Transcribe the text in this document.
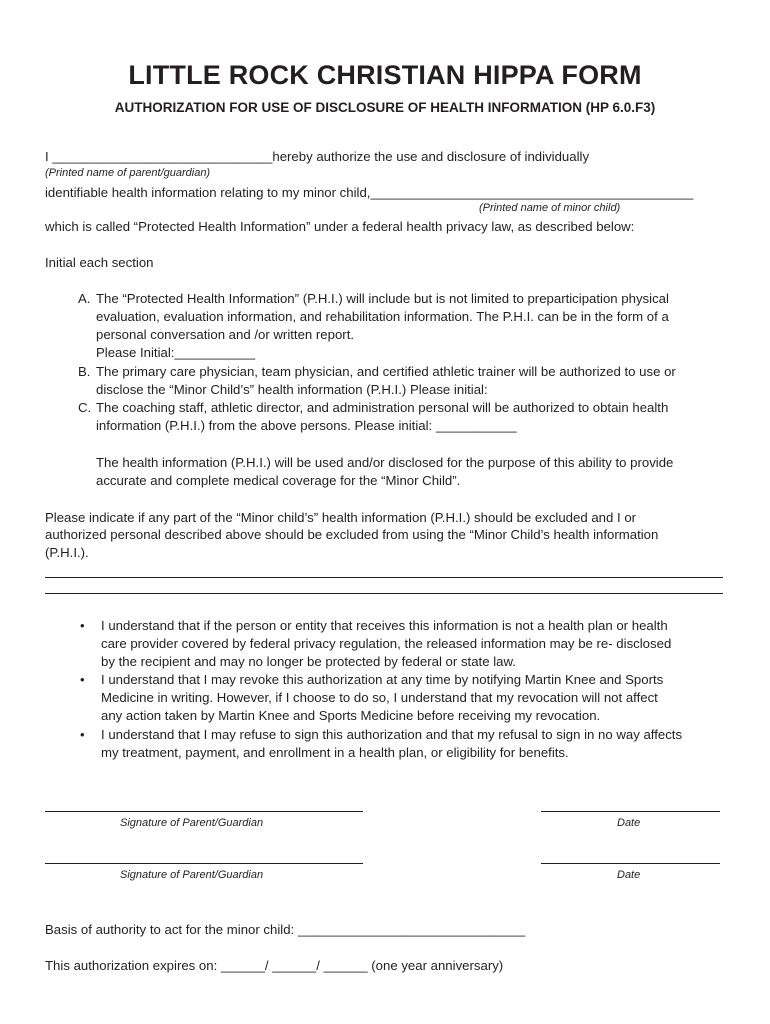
LITTLE ROCK CHRISTIAN HIPPA FORM
AUTHORIZATION FOR USE OF DISCLOSURE OF HEALTH INFORMATION (HP 6.0.F3)
I ______________________________hereby authorize the use and disclosure of individually
(Printed name of parent/guardian)
identifiable health information relating to my minor child,____________________________________________
(Printed name of minor child)
which is called “Protected Health Information” under a federal health privacy law, as described below:
Initial each section
A. The “Protected Health Information” (P.H.I.) will include but is not limited to preparticipation physical
evaluation, evaluation information, and rehabilitation information. The P.H.I. can be in the form of a
personal conversation and /or written report.
Please Initial:___________
B. The primary care physician, team physician, and certified athletic trainer will be authorized to use or
disclose the “Minor Child’s” health information (P.H.I.) Please initial:
C. The coaching staff, athletic director, and administration personal will be authorized to obtain health
information (P.H.I.) from the above persons. Please initial: ___________
The health information (P.H.I.) will be used and/or disclosed for the purpose of this ability to provide
accurate and complete medical coverage for the “Minor Child”.
Please indicate if any part of the “Minor child’s” health information (P.H.I.) should be excluded and I or
authorized personal described above should be excluded from using the “Minor Child’s health information
(P.H.I.).
• I understand that if the person or entity that receives this information is not a health plan or health
care provider covered by federal privacy regulation, the released information may be re- disclosed
by the recipient and may no longer be protected by federal or state law.
• I understand that I may revoke this authorization at any time by notifying Martin Knee and Sports
Medicine in writing. However, if I choose to do so, I understand that my revocation will not affect
any action taken by Martin Knee and Sports Medicine before receiving my revocation.
• I understand that I may refuse to sign this authorization and that my refusal to sign in no way affects
my treatment, payment, and enrollment in a health plan, or eligibility for benefits.
Signature of Parent/Guardian	Date
Signature of Parent/Guardian	Date
Basis of authority to act for the minor child: _______________________________
This authorization expires on: ______/ ______/ ______ (one year anniversary)
